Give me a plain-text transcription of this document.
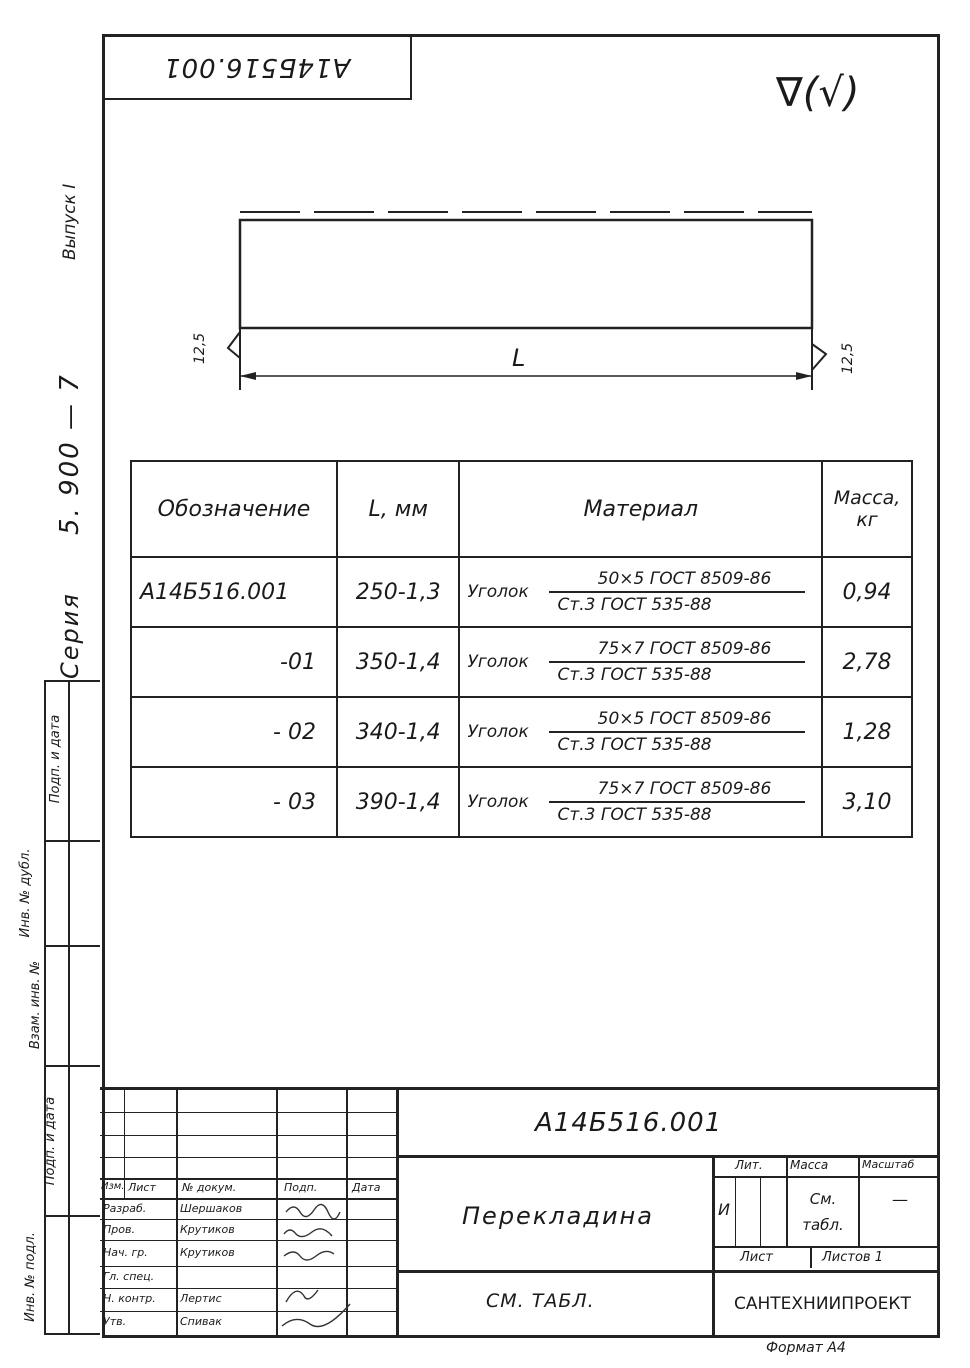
A14Б516.001
∇(√)
Серия
5. 900 — 7
Выпуск I
12,5	12,5
L
Обозначение	L, мм	Материал	Масса, кг
А14Б516.001	250-1,3	Уголок $\frac{\text{50×5 ГОСТ 8509-86}}{\text{Ст.3 ГОСТ 535-88}}$	0,94
-01	350-1,4	Уголок $\frac{\text{75×7 ГОСТ 8509-86}}{\text{Ст.3 ГОСТ 535-88}}$	2,78
- 02	340-1,4	Уголок $\frac{\text{50×5 ГОСТ 8509-86}}{\text{Ст.3 ГОСТ 535-88}}$	1,28
- 03	390-1,4	Уголок $\frac{\text{75×7 ГОСТ 8509-86}}{\text{Ст.3 ГОСТ 535-88}}$	3,10
Подп. и дата
Инв. № дубл.
Взам. инв. №
Подп. и дата
Инв. № подл.
А14Б516.001
Перекладина
СМ. ТАБЛ.	САНТЕХНИИПРОЕКТ
Лит. Масса	Масштаб
И
См. табл.
—
Лист	Листов 1
Изм. Лист № докум.	Подп.	Дата
Разраб.	Шершаков
Пров.	Крутиков
Нач. гр.	Крутиков
Гл. спец.
Н. контр. Лертис
Утв.	Спивак
Формат А4
